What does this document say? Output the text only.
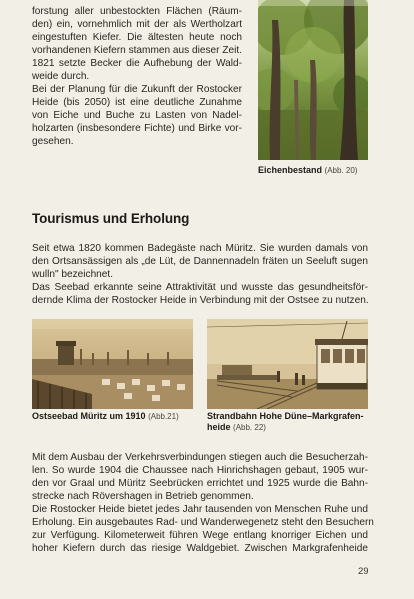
forstung aller unbestockten Flächen (Räum-
den) ein, vornehmlich mit der als Wertholzart
eingestuften Kiefer. Die ältesten heute noch
vorhandenen Kiefern stammen aus dieser Zeit.
1821 setzte Becker die Aufhebung der Wald-
weide durch.
Bei der Planung für die Zukunft der Rostocker
Heide (bis 2050) ist eine deutliche Zunahme
von Eiche und Buche zu Lasten von Nadel-
holzarten (insbesondere Fichte) und Birke vor-
gesehen.
Eichenbestand (Abb. 20)
Tourismus und Erholung
Seit etwa 1820 kommen Badegäste nach Müritz. Sie wurden damals von
den Ortsansässigen als „de Lüt, de Dannennadeln fräten un Seeluft sugen
wulln" bezeichnet.
Das Seebad erkannte seine Attraktivität und wusste das gesundheitsför-
dernde Klima der Rostocker Heide in Verbindung mit der Ostsee zu nutzen.
Ostseebad Müritz um 1910 (Abb.21)	Strandbahn Hohe Düne–Markgrafen-
heide (Abb. 22)
Mit dem Ausbau der Verkehrsverbindungen stiegen auch die Besucherzah-
len. So wurde 1904 die Chaussee nach Hinrichshagen gebaut, 1905 wur-
den vor Graal und Müritz Seebrücken errichtet und 1925 wurde die Bahn-
strecke nach Rövershagen in Betrieb genommen.
Die Rostocker Heide bietet jedes Jahr tausenden von Menschen Ruhe und
Erholung. Ein ausgebautes Rad- und Wanderwegenetz steht den Besuchern
zur Verfügung. Kilometerweit führen Wege entlang knorriger Eichen und
hoher Kiefern durch das riesige Waldgebiet. Zwischen Markgrafenheide
29
